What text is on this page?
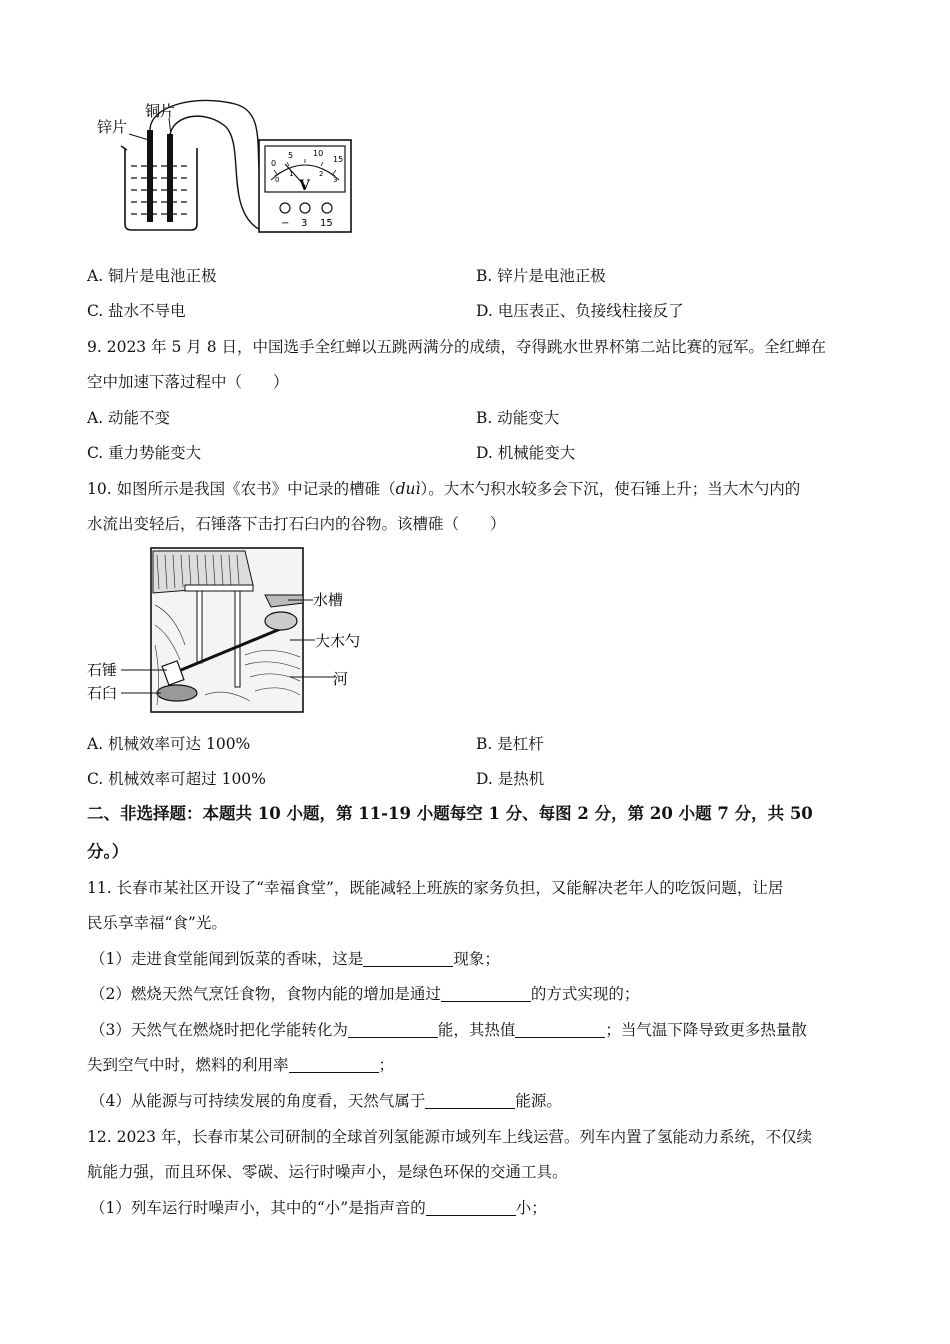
0
5 10
15
0
1	2
3
V
− 3 15
锌片
铜片
A. 铜片是电池正极	B. 锌片是电池正极
C. 盐水不导电	D. 电压表正、负接线柱接反了
9. 2023 年 5 月 8 日，中国选手全红蝉以五跳两满分的成绩，夺得跳水世界杯第二站比赛的冠军。全红蝉在
空中加速下落过程中（　　）
A. 动能不变	B. 动能变大
C. 重力势能变大	D. 机械能变大
10. 如图所示是我国《农书》中记录的槽碓（duì）。大木勺积水较多会下沉，使石锤上升；当大木勺内的
水流出变轻后，石锤落下击打石臼内的谷物。该槽碓（　　）
水槽
大木勺
河
石锤
石臼
A. 机械效率可达 100%	B. 是杠杆
C. 机械效率可超过 100%	D. 是热机
二、非选择题：本题共 10 小题，第 11-19 小题每空 1 分、每图 2 分，第 20 小题 7 分，共 50
分。）
11. 长春市某社区开设了“幸福食堂”，既能减轻上班族的家务负担，又能解决老年人的吃饭问题，让居
民乐享幸福“食”光。
（1）走进食堂能闻到饭菜的香味，这是	现象；
（2）燃烧天然气烹饪食物，食物内能的增加是通过	的方式实现的；
（3）天然气在燃烧时把化学能转化为	能，其热值	；当气温下降导致更多热量散
失到空气中时，燃料的利用率	；
（4）从能源与可持续发展的角度看，天然气属于	能源。
12. 2023 年，长春市某公司研制的全球首列氢能源市域列车上线运营。列车内置了氢能动力系统，不仅续
航能力强，而且环保、零碳、运行时噪声小，是绿色环保的交通工具。
（1）列车运行时噪声小，其中的“小”是指声音的	小；
